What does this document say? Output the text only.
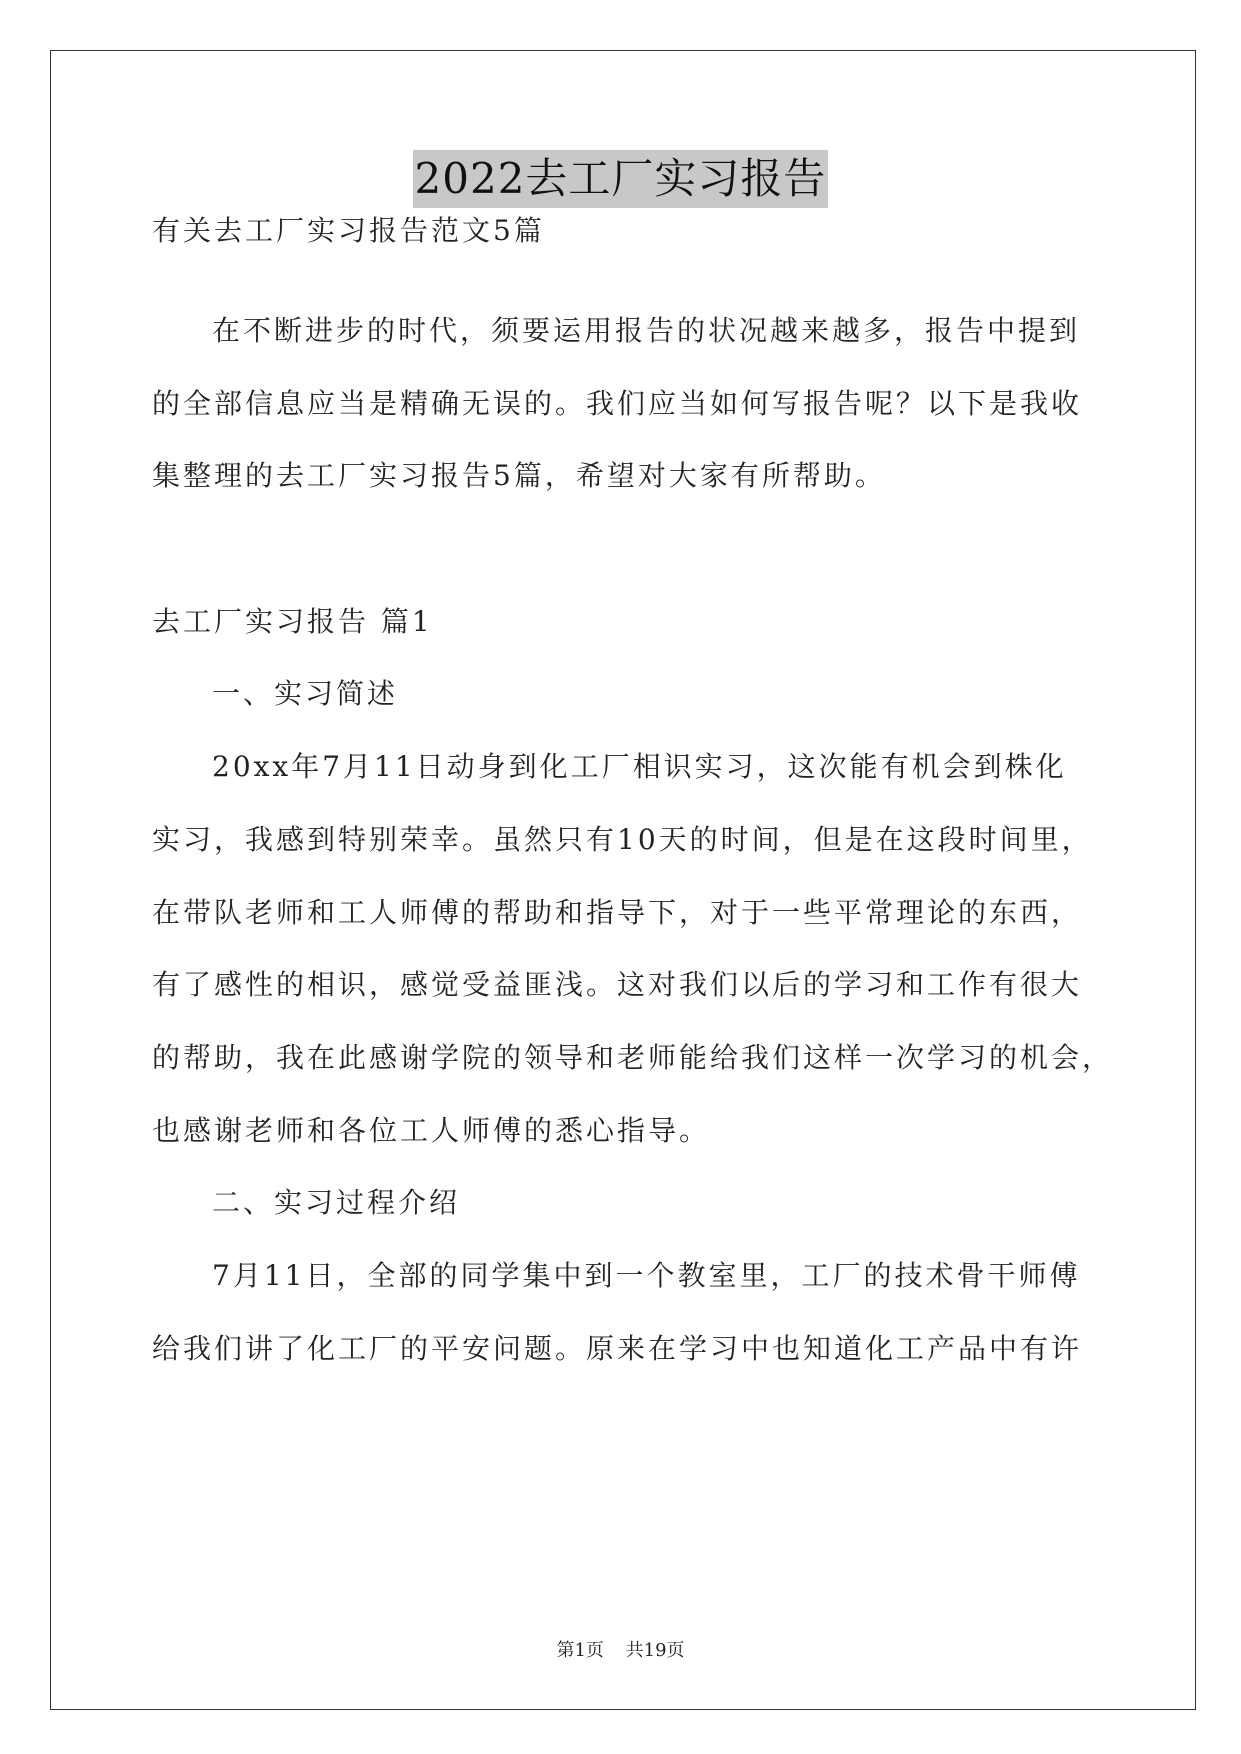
2022去工厂实习报告
有关去工厂实习报告范文5篇
在不断进步的时代，须要运用报告的状况越来越多，报告中提到
的全部信息应当是精确无误的。我们应当如何写报告呢？以下是我收
集整理的去工厂实习报告5篇，希望对大家有所帮助。
去工厂实习报告 篇1
一、实习简述
20xx年7月11日动身到化工厂相识实习，这次能有机会到株化
实习，我感到特别荣幸。虽然只有10天的时间，但是在这段时间里，
在带队老师和工人师傅的帮助和指导下，对于一些平常理论的东西，
有了感性的相识，感觉受益匪浅。这对我们以后的学习和工作有很大
的帮助，我在此感谢学院的领导和老师能给我们这样一次学习的机会，
也感谢老师和各位工人师傅的悉心指导。
二、实习过程介绍
7月11日，全部的同学集中到一个教室里，工厂的技术骨干师傅
给我们讲了化工厂的平安问题。原来在学习中也知道化工产品中有许
第1页 共19页
